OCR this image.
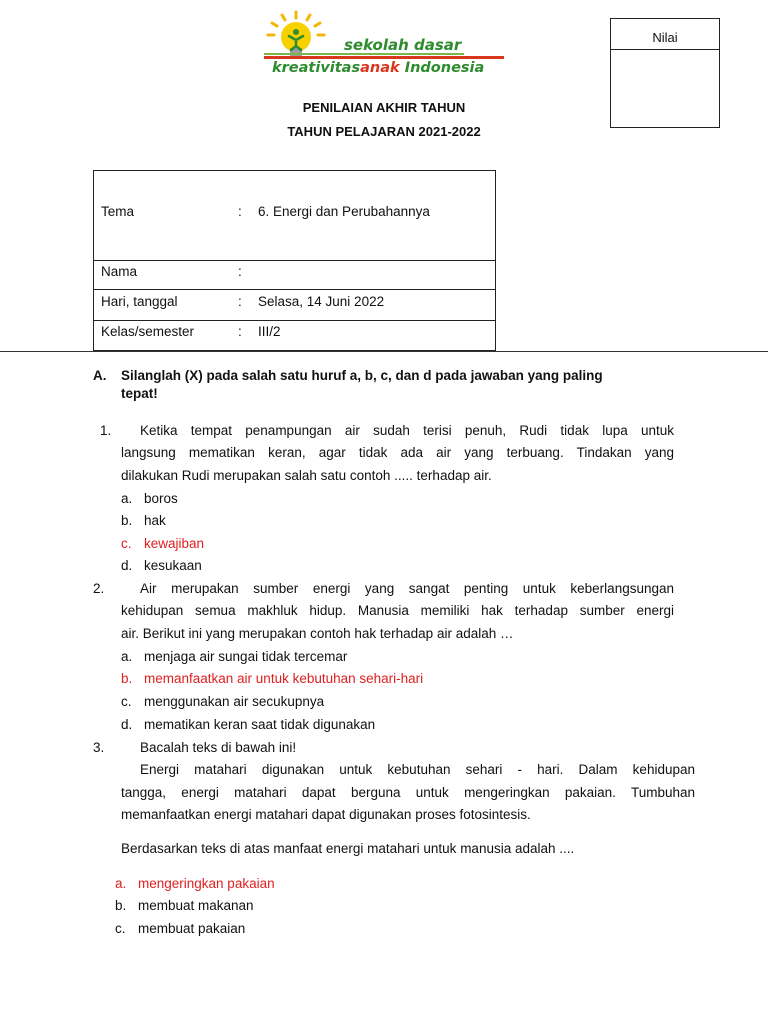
sekolah dasar
kreativitasanak Indonesia
Nilai
PENILAIAN AKHIR TAHUN
TAHUN PELAJARAN 2021-2022
Tema	: 6. Energi dan Perubahannya
Nama	:
Hari, tanggal	: Selasa, 14 Juni 2022
Kelas/semester	: III/2
A. Silanglah (X) pada salah satu huruf a, b, c, dan d pada jawaban yang paling
tepat!
1. Ketika tempat penampungan air sudah terisi penuh, Rudi tidak lupa untuk
langsung mematikan keran, agar tidak ada air yang terbuang. Tindakan yang
dilakukan Rudi merupakan salah satu contoh ..... terhadap air.
a. boros
b. hak
c. kewajiban
d. kesukaan
2.	Air merupakan sumber energi yang sangat penting untuk keberlangsungan
kehidupan semua makhluk hidup. Manusia memiliki hak terhadap sumber energi
air. Berikut ini yang merupakan contoh hak terhadap air adalah …
a. menjaga air sungai tidak tercemar
b. memanfaatkan air untuk kebutuhan sehari-hari
c. menggunakan air secukupnya
d. mematikan keran saat tidak digunakan
3.	Bacalah teks di bawah ini!
Energi matahari digunakan untuk kebutuhan sehari - hari. Dalam kehidupan
tangga, energi matahari dapat berguna untuk mengeringkan pakaian. Tumbuhan
memanfaatkan energi matahari dapat digunakan proses fotosintesis.
Berdasarkan teks di atas manfaat energi matahari untuk manusia adalah ....
a. mengeringkan pakaian
b. membuat makanan
c. membuat pakaian
